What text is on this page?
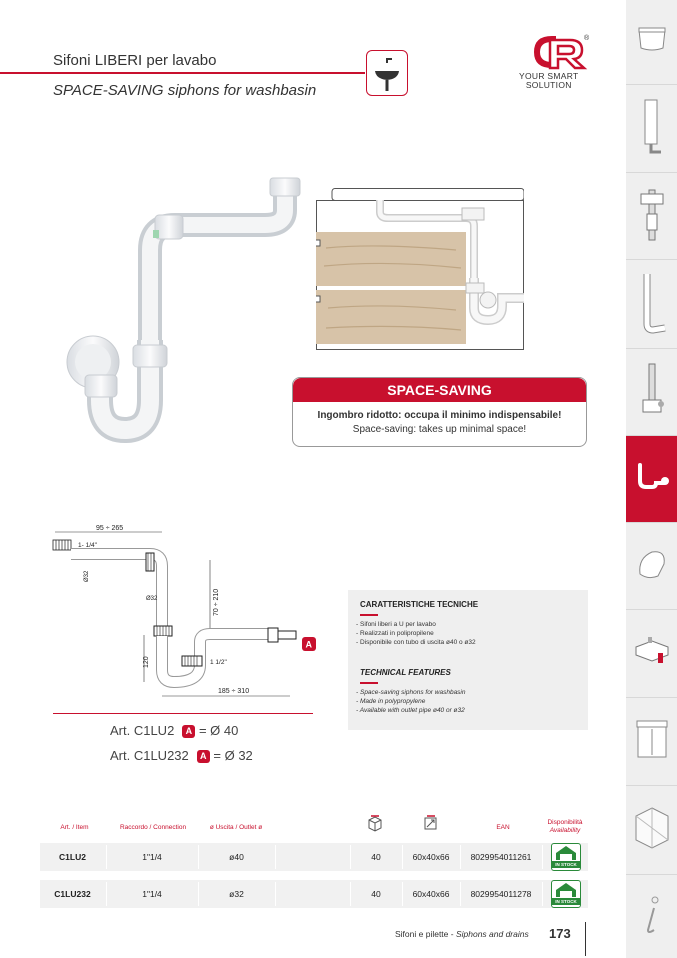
Sifoni LIBERI per lavabo
SPACE-SAVING siphons for washbasin
®
YOUR SMART
SOLUTION
SPACE-SAVING
Ingombro ridotto: occupa il minimo indispensabile!
Space-saving: takes up minimal space!
95 ÷ 265
1- 1/4"
Ø32
Ø32	70 ÷ 210
1 1/2"
120
185 ÷ 310
A
Art. C1LU2 A = Ø 40
Art. C1LU232 A = Ø 32
CARATTERISTICHE TECNICHE
- Sifoni liberi a U per lavabo
- Realizzati in polipropilene
- Disponibile con tubo di uscita ø40 o ø32
TECHNICAL FEATURES
- Space-saving siphons for washbasin
- Made in polypropylene
- Available with outlet pipe ø40 or ø32
Art. / Item	Raccordo / Connection	ø Uscita / Outlet ø	EAN
Disponibilità
Availability
C1LU2	1"1/4	ø40	40	60x40x66	8029954011261
IN STOCK
C1LU232	1"1/4	ø32	40	60x40x66	8029954011278
IN STOCK
Sifoni e pilette - Siphons and drains 173
